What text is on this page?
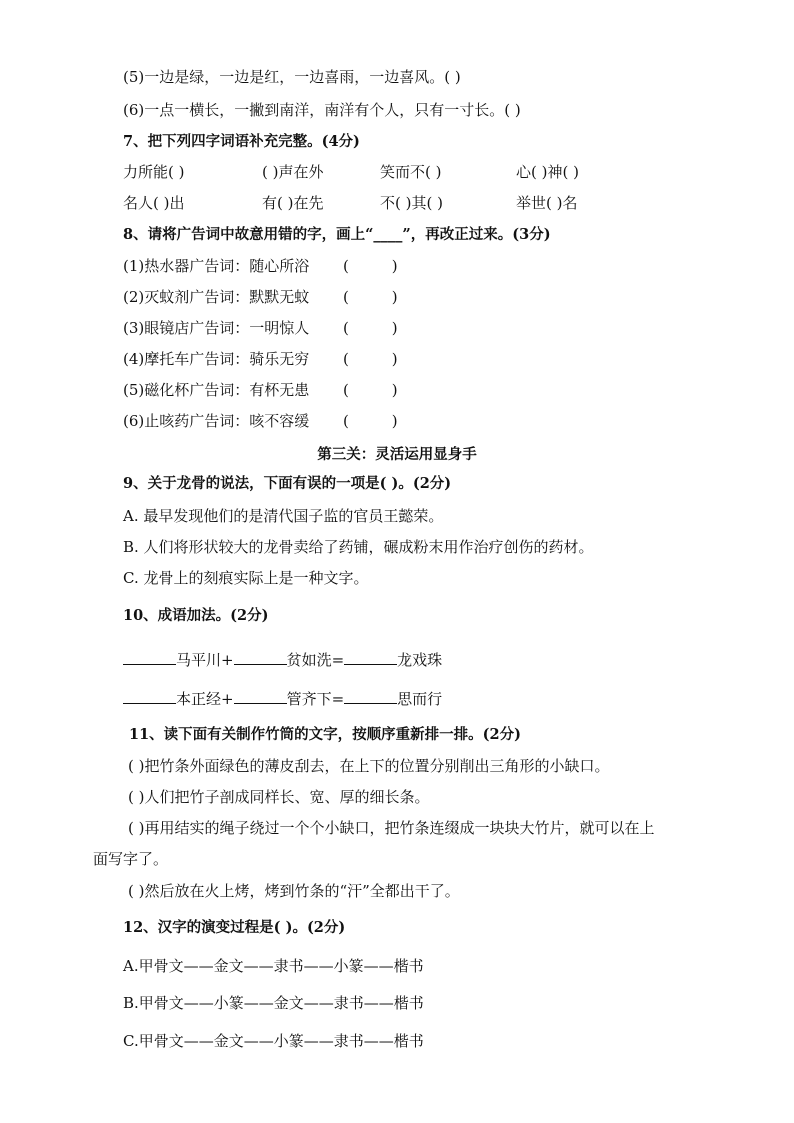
(5)一边是绿，一边是红，一边喜雨，一边喜风。( )
(6)一点一横长，一撇到南洋，南洋有个人，只有一寸长。( )
7、把下列四字词语补充完整。(4分)
力所能( )	( )声在外	笑而不( )	心( )神( )
名人( )出	有( )在先	不( )其( )	举世( )名
8、请将广告词中故意用错的字，画上“____”，再改正过来。(3分)
(1)热水器广告词：随心所浴 (         )
(2)灭蚊剂广告词：默默无蚊 (         )
(3)眼镜店广告词：一明惊人 (         )
(4)摩托车广告词：骑乐无穷 (         )
(5)磁化杯广告词：有杯无患 (         )
(6)止咳药广告词：咳不容缓 (         )
第三关：灵活运用显身手
9、关于龙骨的说法，下面有误的一项是( )。(2分)
A. 最早发现他们的是清代国子监的官员王懿荣。
B. 人们将形状较大的龙骨卖给了药铺，碾成粉末用作治疗创伤的药材。
C. 龙骨上的刻痕实际上是一种文字。
10、成语加法。(2分)
马平川+	贫如洗=	龙戏珠
本正经+	管齐下=	思而行
11、读下面有关制作竹筒的文字，按顺序重新排一排。(2分)
( )把竹条外面绿色的薄皮刮去，在上下的位置分别削出三角形的小缺口。
( )人们把竹子剖成同样长、宽、厚的细长条。
( )再用结实的绳子绕过一个个小缺口，把竹条连缀成一块块大竹片，就可以在上
面写字了。
( )然后放在火上烤，烤到竹条的“汗”全都出干了。
12、汉字的演变过程是( )。(2分)
A.甲骨文——金文——隶书——小篆——楷书
B.甲骨文——小篆——金文——隶书——楷书
C.甲骨文——金文——小篆——隶书——楷书
